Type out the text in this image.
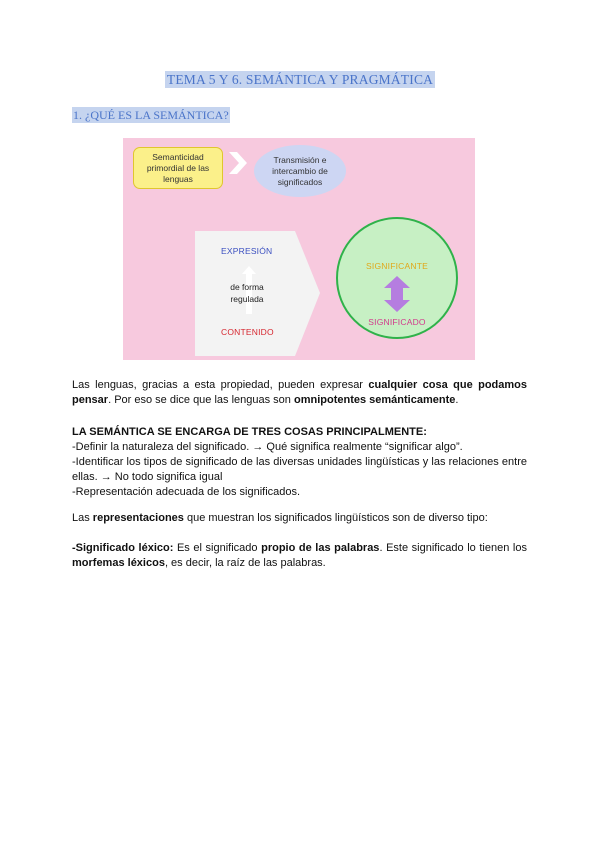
TEMA 5 Y 6. SEMÁNTICA Y PRAGMÁTICA
1. ¿QUÉ ES LA SEMÁNTICA?
Semanticidad primordial de las lenguas
Transmisión e intercambio de significados
EXPRESIÓN
de forma regulada
CONTENIDO
SIGNIFICANTE
SIGNIFICADO
Las lenguas, gracias a esta propiedad, pueden expresar cualquier cosa que podamos pensar. Por eso se dice que las lenguas son omnipotentes semánticamente.
LA SEMÁNTICA SE ENCARGA DE TRES COSAS PRINCIPALMENTE:
-Definir la naturaleza del significado. → Qué significa realmente “significar algo”.
-Identificar los tipos de significado de las diversas unidades lingüísticas y las relaciones entre ellas. → No todo significa igual
-Representación adecuada de los significados.
Las representaciones que muestran los significados lingüísticos son de diverso tipo:
-Significado léxico: Es el significado propio de las palabras. Este significado lo tienen los morfemas léxicos, es decir, la raíz de las palabras.
